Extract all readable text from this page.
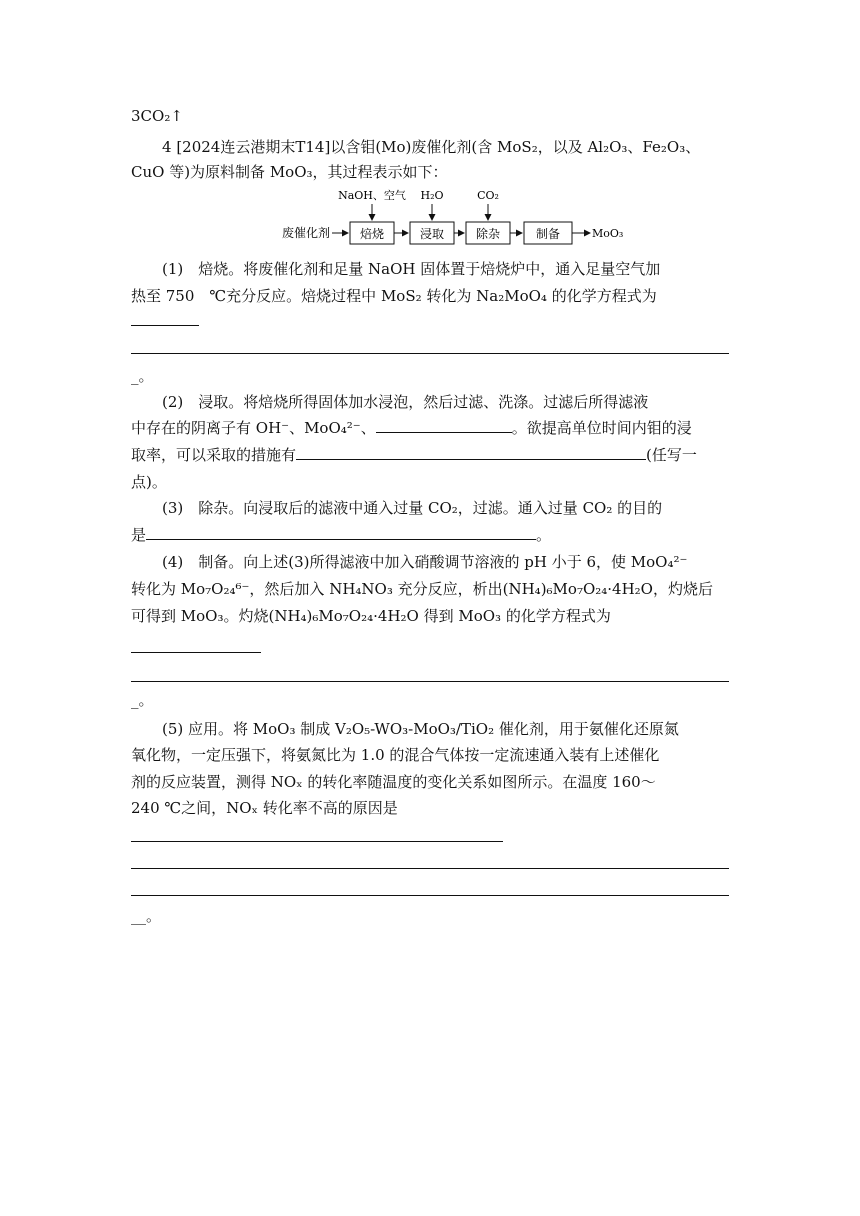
3CO₂↑
4 [2024连云港期末T14]以含钼(Mo)废催化剂(含 MoS₂，以及 Al₂O₃、Fe₂O₃、
CuO 等)为原料制备 MoO₃，其过程表示如下：
废催化剂 焙烧	浸取	除杂	制备	MoO₃
NaOH、空气 H₂O	CO₂
(1)　焙烧。将废催化剂和足量 NaOH 固体置于焙烧炉中，通入足量空气加
热至 750　℃充分反应。焙烧过程中 MoS₂ 转化为 Na₂MoO₄ 的化学方程式为
_。
(2)　浸取。将焙烧所得固体加水浸泡，然后过滤、洗涤。过滤后所得滤液
中存在的阴离子有 OH⁻、MoO₄²⁻、	。欲提高单位时间内钼的浸
取率，可以采取的措施有	(任写一
点)。
(3)　除杂。向浸取后的滤液中通入过量 CO₂，过滤。通入过量 CO₂ 的目的
是	。
(4)　制备。向上述(3)所得滤液中加入硝酸调节溶液的 pH 小于 6，使 MoO₄²⁻
转化为 Mo₇O₂₄⁶⁻，然后加入 NH₄NO₃ 充分反应，析出(NH₄)₆Mo₇O₂₄·4H₂O，灼烧后
可得到 MoO₃。灼烧(NH₄)₆Mo₇O₂₄·4H₂O 得到 MoO₃ 的化学方程式为
_。
(5) 应用。将 MoO₃ 制成 V₂O₅-WO₃-MoO₃/TiO₂ 催化剂，用于氨催化还原氮
氧化物，一定压强下，将氨氮比为 1.0 的混合气体按一定流速通入装有上述催化
剂的反应装置，测得 NOₓ 的转化率随温度的变化关系如图所示。在温度 160～
240 ℃之间，NOₓ 转化率不高的原因是
__。
